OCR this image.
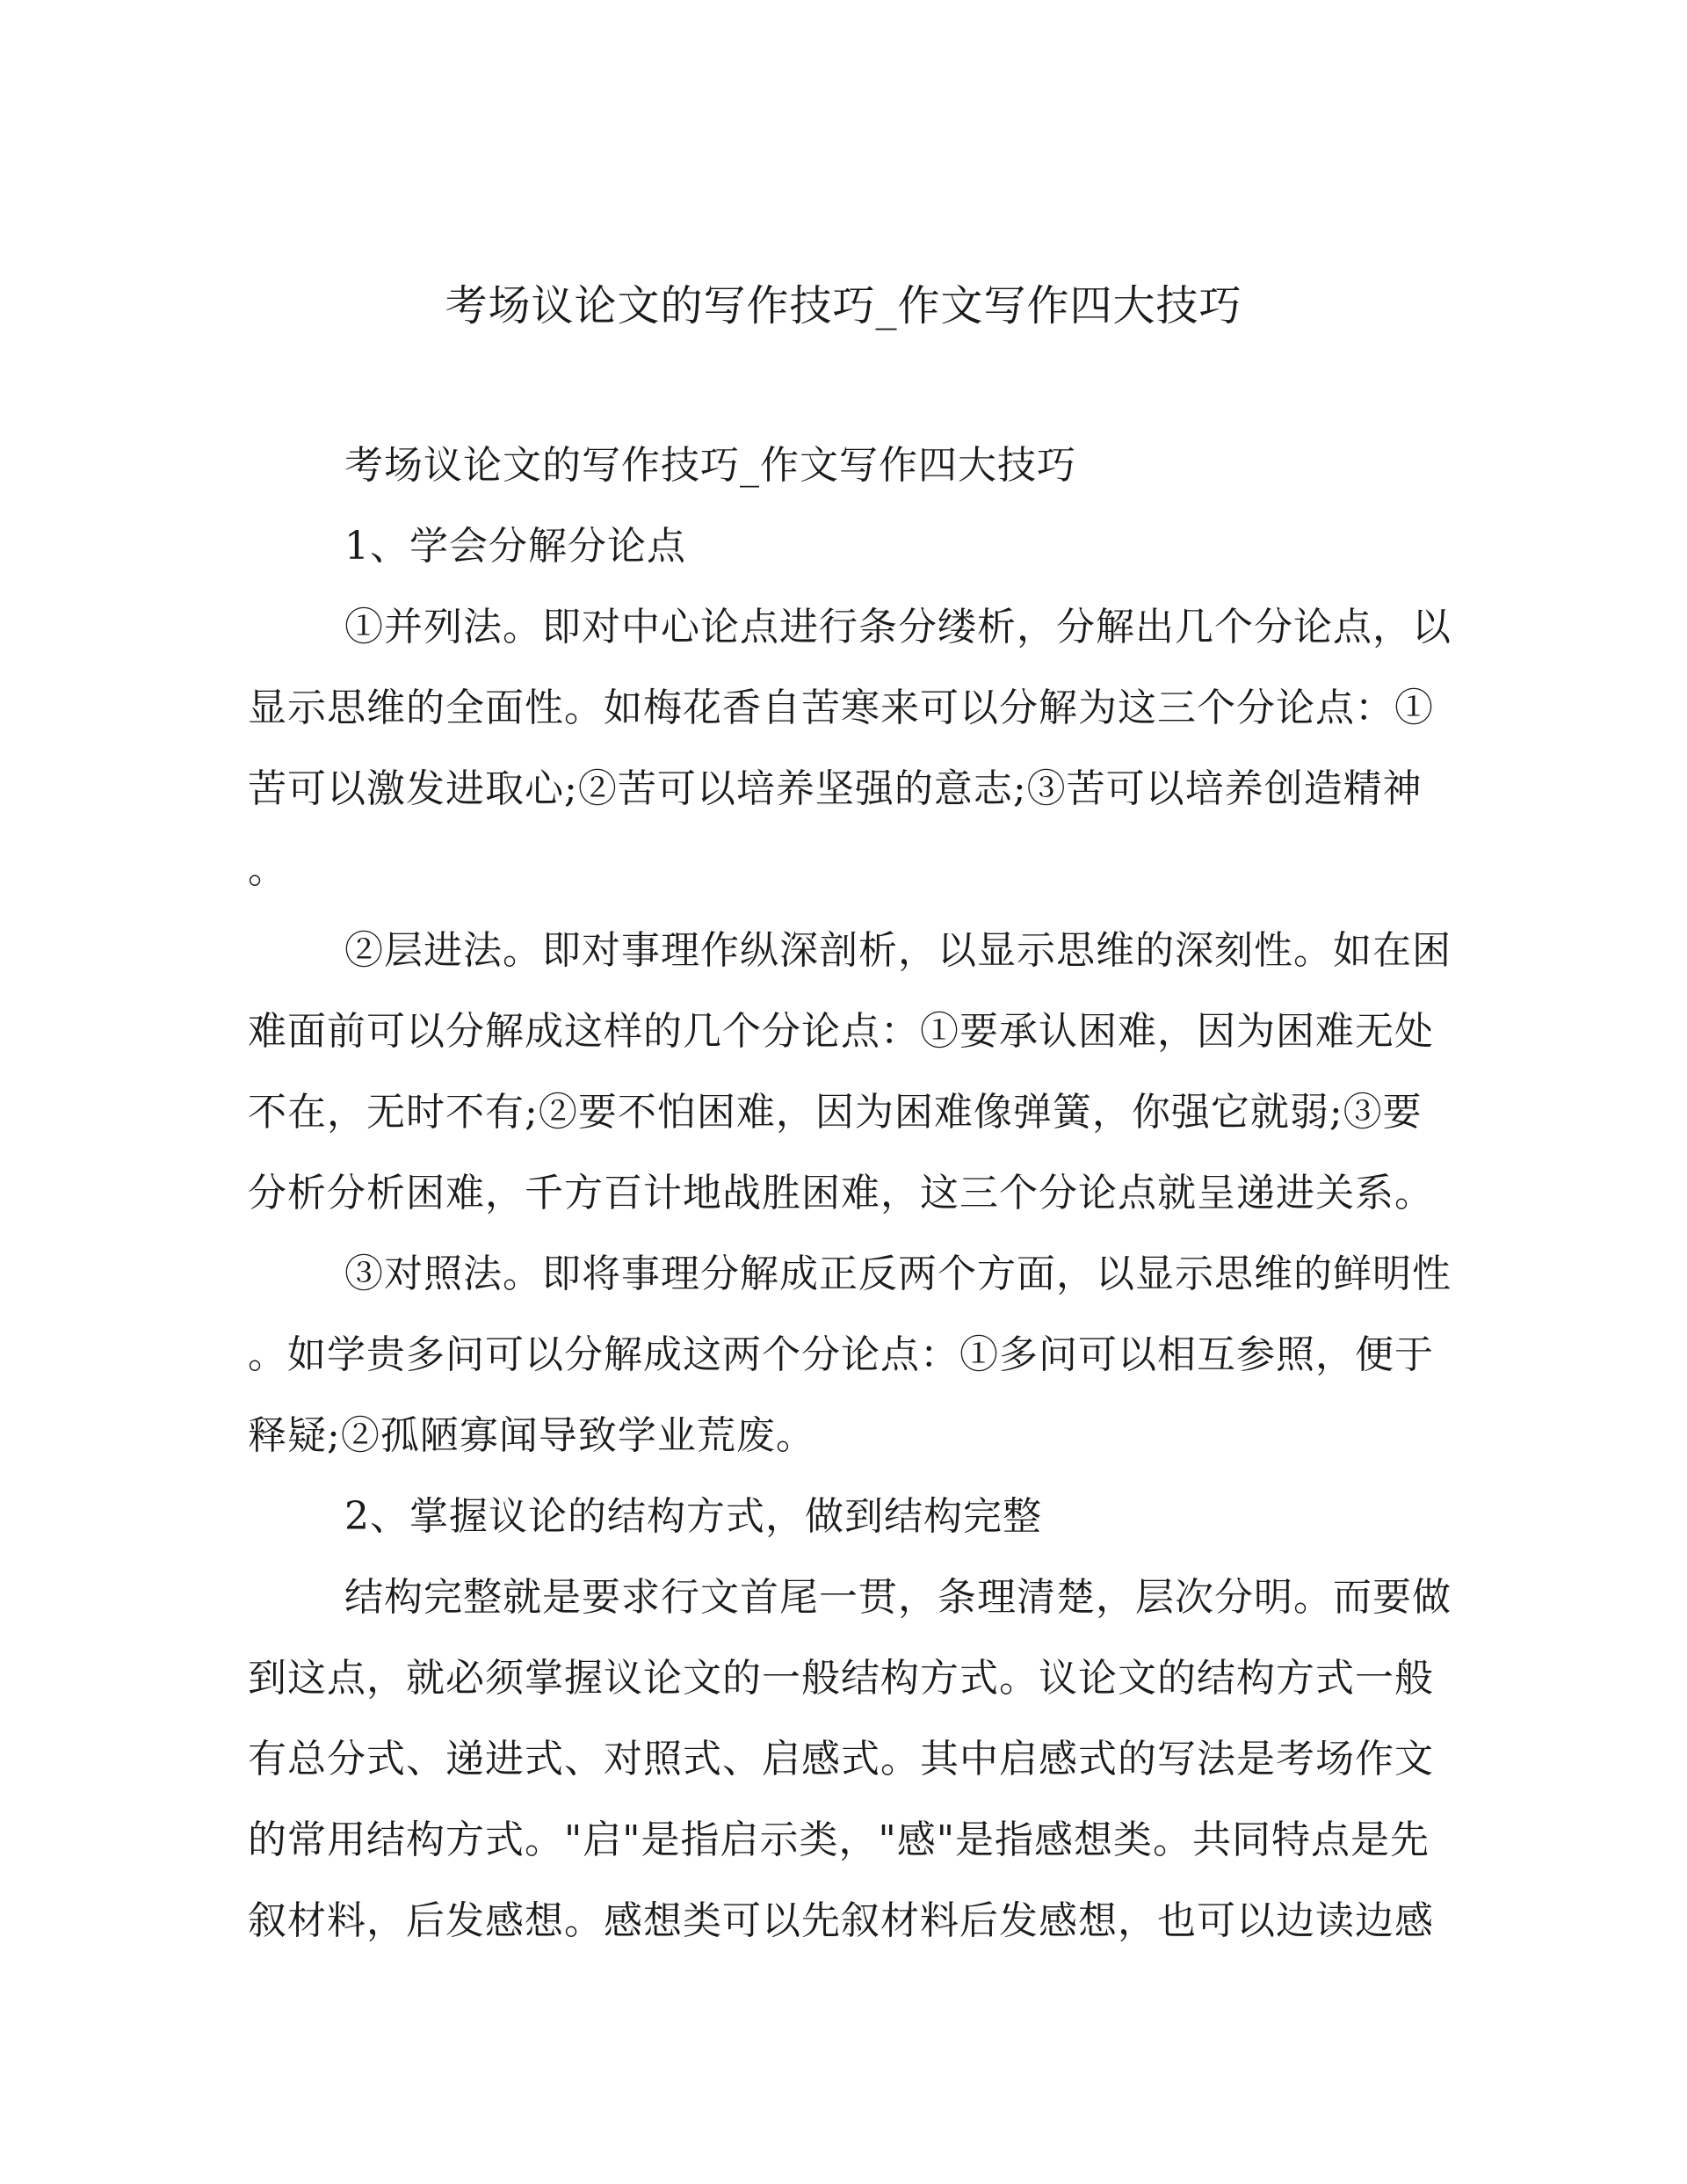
考场议论文的写作技巧_作文写作四大技巧
考场议论文的写作技巧_作文写作四大技巧
1、学会分解分论点
①并列法。即对中心论点进行条分缕析，分解出几个分论点，以
显示思维的全面性。如梅花香自苦寒来可以分解为这三个分论点：①
苦可以激发进取心;②苦可以培养坚强的意志;③苦可以培养创造精神
。
②层进法。即对事理作纵深剖析，以显示思维的深刻性。如在困
难面前可以分解成这样的几个分论点：①要承认困难，因为困难无处
不在，无时不有;②要不怕困难，因为困难像弹簧，你强它就弱;③要
分析分析困难，千方百计地战胜困难，这三个分论点就呈递进关系。
③对照法。即将事理分解成正反两个方面，以显示思维的鲜明性
。如学贵多问可以分解成这两个分论点：①多问可以相互参照，便于
释疑;②孤陋寡闻导致学业荒废。
2、掌握议论的结构方式，做到结构完整
结构完整就是要求行文首尾一贯，条理清楚，层次分明。而要做
到这点，就必须掌握议论文的一般结构方式。议论文的结构方式一般
有总分式、递进式、对照式、启感式。其中启感式的写法是考场作文
的常用结构方式。"启"是指启示类，"感"是指感想类。共同特点是先
叙材料，后发感想。感想类可以先叙材料后发感想，也可以边读边感
